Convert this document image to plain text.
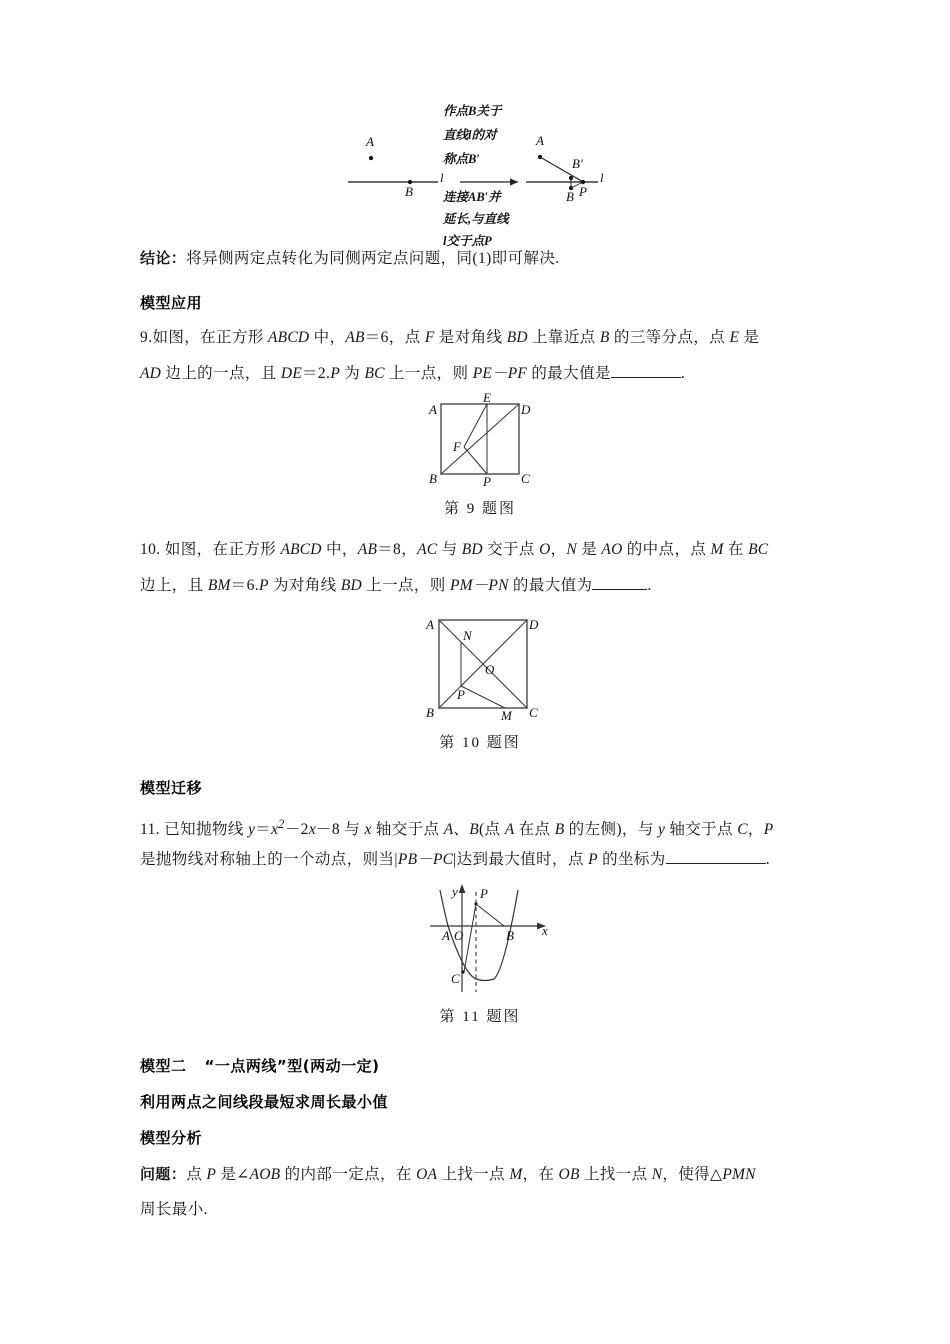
A
B
l
A
B′
B P
l
作点B关于
直线l的对
称点B′
连接AB′并
延长,与直线
l交于点P
结论：将异侧两定点转化为同侧两定点问题，同(1)即可解决.
模型应用
9.如图，在正方形 ABCD 中，AB＝6，点 F 是对角线 BD 上靠近点 B 的三等分点，点 E 是
AD 边上的一点，且 DE＝2.P 为 BC 上一点，则 PE－PF 的最大值是	.
A	D
B	C
E
F
P
第 9 题图
10. 如图，在正方形 ABCD 中，AB＝8，AC 与 BD 交于点 O，N 是 AO 的中点，点 M 在 BC
边上，且 BM＝6.P 为对角线 BD 上一点，则 PM－PN 的最大值为	.
A	D
B	C
N
O
P
M
第 10 题图
模型迁移
11. 已知抛物线 $y=x^2-2x-8$ 与 x 轴交于点 A、B(点 A 在点 B 的左侧)，与 y 轴交于点 C，P
是抛物线对称轴上的一个动点，则当|PB－PC|达到最大值时，点 P 的坐标为	.
y
x
A O	B
C
P
第 11 题图
模型二 “一点两线”型(两动一定)
利用两点之间线段最短求周长最小值
模型分析
问题：点 P 是∠AOB 的内部一定点，在 OA 上找一点 M，在 OB 上找一点 N，使得△PMN
周长最小.
